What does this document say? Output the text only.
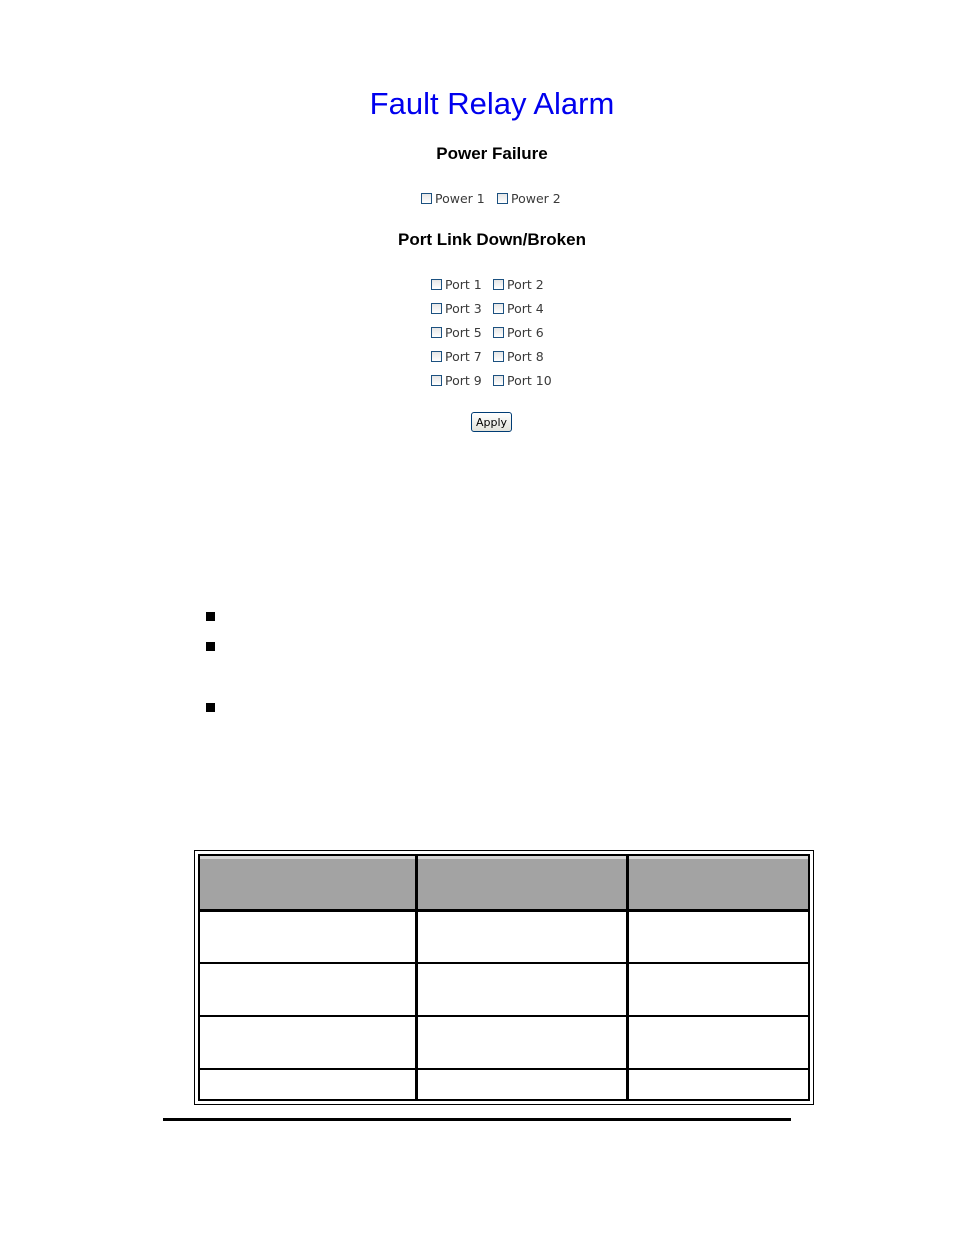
Fault Relay Alarm
Power Failure
Power 1 Power 2
Port Link Down/Broken
Port 1 Port 2
Port 3 Port 4
Port 5 Port 6
Port 7 Port 8
Port 9 Port 10
Apply
